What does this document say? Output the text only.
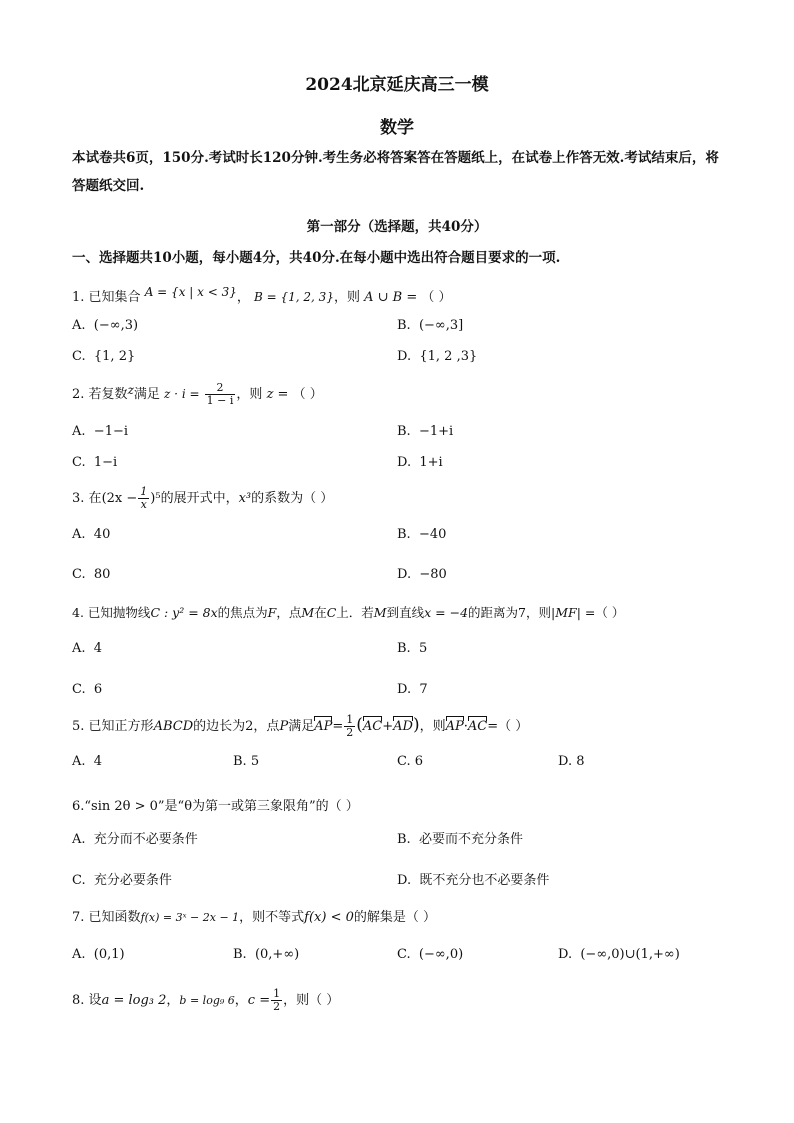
2024北京延庆高三一模
数学
本试卷共6页，150分.考试时长120分钟.考生务必将答案答在答题纸上，在试卷上作答无效.考试结束后，将答题纸交回.
第一部分（选择题，共40分）
一、选择题共10小题，每小题4分，共40分.在每小题中选出符合题目要求的一项.
1. 已知集合 A = {x | x < 3}， B = {1, 2, 3}，则 A ∪ B = （ ）
A. (−∞,3)	B. (−∞,3]
C. {1, 2}	D. {1, 2 ,3}
2. 若复数z满足 $z \cdot i = \frac{2}{1 - i}$ ，则 z = （ ）
A. −1−i	B. −1+i
C. 1−i	D. 1+i
3. 在$(2x - \frac{1}{x} )^5$的展开式中，x³的系数为（ ）
A. 40	B. −40
C. 80	D. −80
4. 已知抛物线C : y² = 8x的焦点为F，点M在C上．若M到直线x = −4的距离为7，则|MF| =（ ）
A. 4	B. 5
C. 6	D. 7
5. 已知正方形ABCD的边长为2，点P满足$AP= \frac{1}{2} (AC+AD)$，则AP·AC=（ ）
A. 4	B. 5	C. 6	D. 8
6.“sin 2θ > 0”是“θ为第一或第三象限角”的（ ）
A. 充分而不必要条件	B. 必要而不充分条件
C. 充分必要条件	D. 既不充分也不必要条件
7. 已知函数f(x) = 3ˣ − 2x − 1，则不等式f(x) < 0的解集是（ ）
A. (0,1)	B. (0,+∞)	C. (−∞,0)	D. (−∞,0)∪(1,+∞)
8. 设a = log₃ 2，b = log₉ 6，$c = \frac{1}{2}$ ，则（ ）
